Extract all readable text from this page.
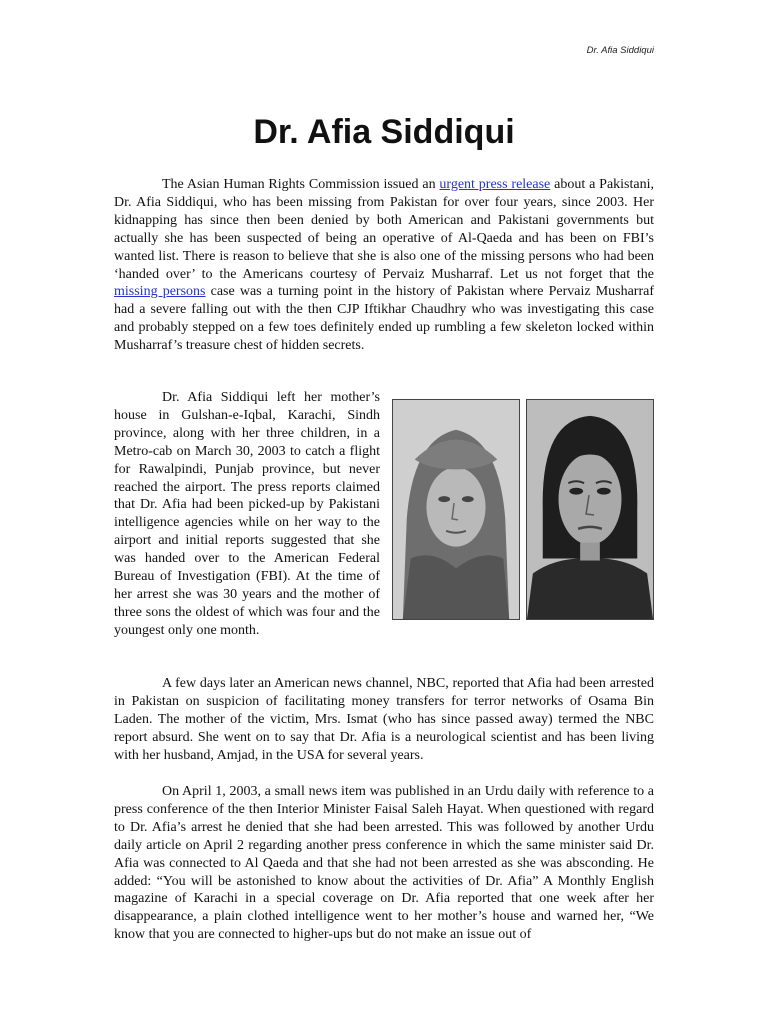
Dr. Afia Siddiqui
Dr. Afia Siddiqui

The Asian Human Rights Commission issued an urgent press release about a Pakistani, Dr. Afia Siddiqui, who has been missing from Pakistan for over four years, since 2003. Her kidnapping has since then been denied by both American and Pakistani governments but actually she has been suspected of being an operative of Al-Qaeda and has been on FBI’s wanted list. There is reason to believe that she is also one of the missing persons who had been ‘handed over’ to the Americans courtesy of Pervaiz Musharraf. Let us not forget that the missing persons case was a turning point in the history of Pakistan where Pervaiz Musharraf had a severe falling out with the then CJP Iftikhar Chaudhry who was investigating this case and probably stepped on a few toes definitely ended up rumbling a few skeleton locked within Musharraf’s treasure chest of hidden secrets.

Dr. Afia Siddiqui left her mother’s house in Gulshan-e-Iqbal, Karachi, Sindh province, along with her three children, in a Metro-cab on March 30, 2003 to catch a flight for Rawalpindi, Punjab province, but never reached the airport. The press reports claimed that Dr. Afia had been picked-up by Pakistani intelligence agencies while on her way to the airport and initial reports suggested that she was handed over to the American Federal Bureau of Investigation (FBI). At the time of her arrest she was 30 years and the mother of three sons the oldest of which was four and the youngest only one month.

A few days later an American news channel, NBC, reported that Afia had been arrested in Pakistan on suspicion of facilitating money transfers for terror networks of Osama Bin Laden. The mother of the victim, Mrs. Ismat (who has since passed away) termed the NBC report absurd. She went on to say that Dr. Afia is a neurological scientist and has been living with her husband, Amjad, in the USA for several years.

On April 1, 2003, a small news item was published in an Urdu daily with reference to a press conference of the then Interior Minister Faisal Saleh Hayat. When questioned with regard to Dr. Afia’s arrest he denied that she had been arrested. This was followed by another Urdu daily article on April 2 regarding another press conference in which the same minister said Dr. Afia was connected to Al Qaeda and that she had not been arrested as she was absconding. He added: “You will be astonished to know about the activities of Dr. Afia” A Monthly English magazine of Karachi in a special coverage on Dr. Afia reported that one week after her disappearance, a plain clothed intelligence went to her mother’s house and warned her, “We know that you are connected to higher-ups but do not make an issue out of
